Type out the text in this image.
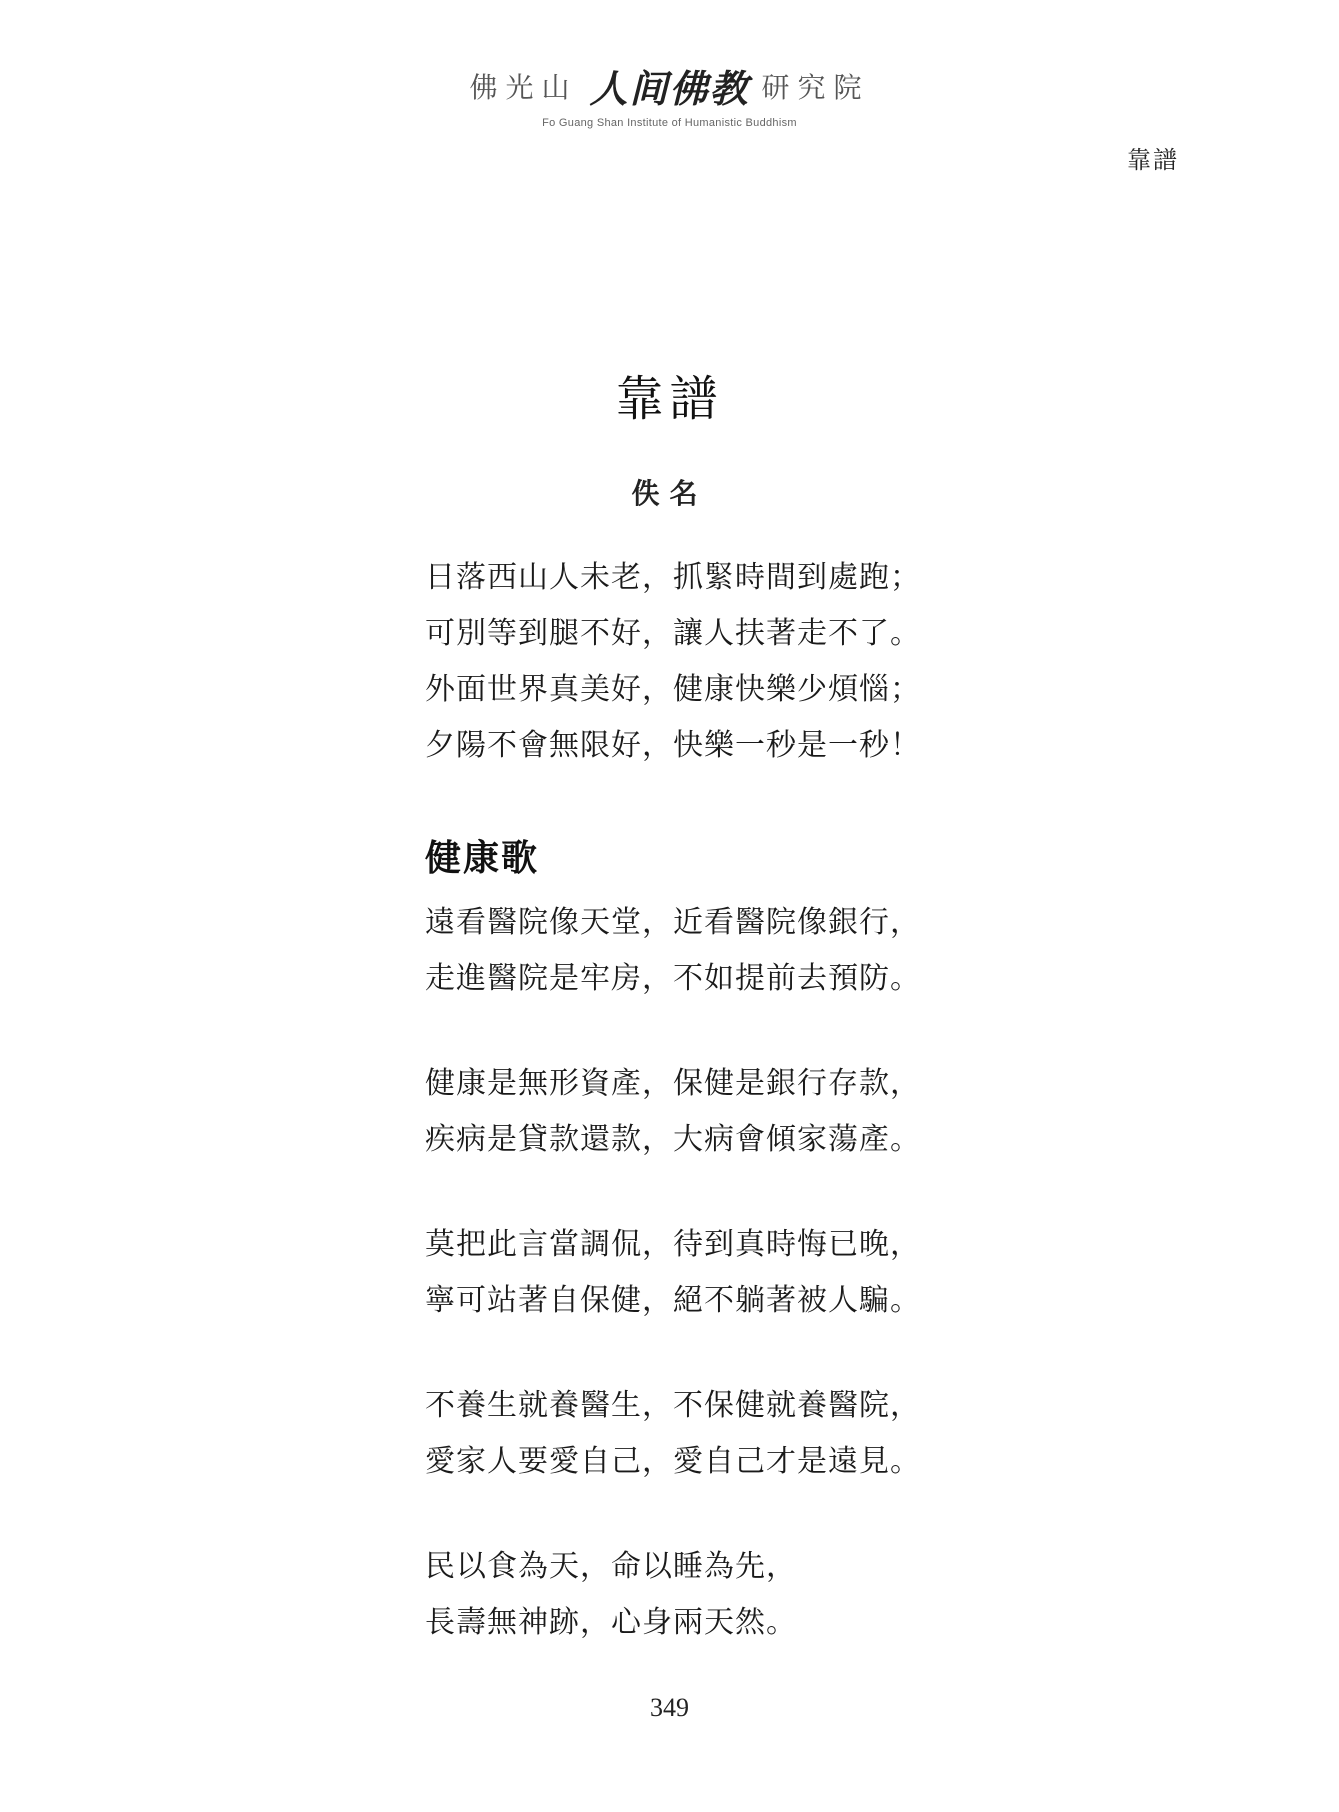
佛光山 人间佛教 研究院
Fo Guang Shan Institute of Humanistic Buddhism
靠譜
靠譜
佚名
日落西山人未老，抓緊時間到處跑；
可別等到腿不好，讓人扶著走不了。
外面世界真美好，健康快樂少煩惱；
夕陽不會無限好，快樂一秒是一秒！
健康歌
遠看醫院像天堂，近看醫院像銀行，
走進醫院是牢房，不如提前去預防。
健康是無形資產，保健是銀行存款，
疾病是貸款還款，大病會傾家蕩產。
莫把此言當調侃，待到真時悔已晚，
寧可站著自保健，絕不躺著被人騙。
不養生就養醫生，不保健就養醫院，
愛家人要愛自己，愛自己才是遠見。
民以食為天，命以睡為先，
長壽無神跡，心身兩天然。
349
